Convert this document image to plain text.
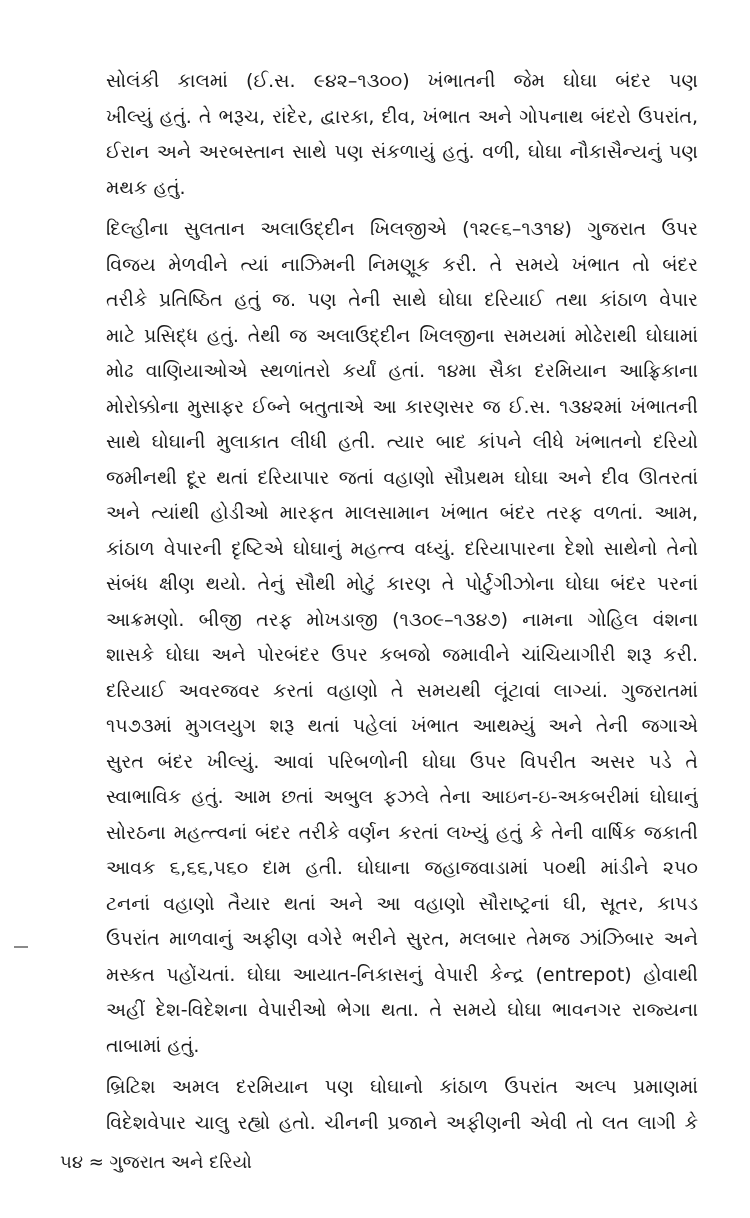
સોલંકી કાલમાં (ઈ.સ. ૯૪૨–૧૩૦૦) ખંભાતની જેમ ઘોઘા બંદર પણ
ખીલ્યું હતું. તે ભરૂચ, રાંદેર, દ્વારકા, દીવ, ખંભાત અને ગોપનાથ બંદરો ઉપરાંત,
ઈરાન અને અરબસ્તાન સાથે પણ સંકળાયું હતું. વળી, ઘોઘા નૌકાસૈન્યનું પણ
મથક હતું.

દિલ્હીના સુલતાન અલાઉદ્દીન ખિલજીએ (૧૨૯૬–૧૩૧૪) ગુજરાત ઉપર
વિજય મેળવીને ત્યાં નાઝિમની નિમણૂક કરી. તે સમયે ખંભાત તો બંદર
તરીકે પ્રતિષ્ઠિત હતું જ. પણ તેની સાથે ઘોઘા દરિયાઈ તથા કાંઠાળ વેપાર
માટે પ્રસિદ્ધ હતું. તેથી જ અલાઉદ્દીન ખિલજીના સમયમાં મોઢેરાથી ઘોઘામાં
મોઢ વાણિયાઓએ સ્થળાંતરો કર્યાં હતાં. ૧૪મા સૈકા દરમિયાન આફ્રિકાના
મોરોક્કોના મુસાફર ઈબ્ને બતુતાએ આ કારણસર જ ઈ.સ. ૧૩૪૨માં ખંભાતની
સાથે ઘોઘાની મુલાકાત લીધી હતી. ત્યાર બાદ કાંપને લીધે ખંભાતનો દરિયો
જમીનથી દૂર થતાં દરિયાપાર જતાં વહાણો સૌપ્રથમ ઘોઘા અને દીવ ઊતરતાં
અને ત્યાંથી હોડીઓ મારફત માલસામાન ખંભાત બંદર તરફ વળતાં. આમ,
કાંઠાળ વેપારની દૃષ્ટિએ ઘોઘાનું મહત્ત્વ વધ્યું. દરિયાપારના દેશો સાથેનો તેનો
સંબંધ ક્ષીણ થયો. તેનું સૌથી મોટું કારણ તે પોર્ટુગીઝોના ઘોઘા બંદર પરનાં
આક્રમણો. બીજી તરફ મોખડાજી (૧૩૦૯–૧૩૪૭) નામના ગોહિલ વંશના
શાસકે ઘોઘા અને પોરબંદર ઉપર કબજો જમાવીને ચાંચિયાગીરી શરૂ કરી.
દરિયાઈ અવરજવર કરતાં વહાણો તે સમયથી લૂંટાવાં લાગ્યાં. ગુજરાતમાં
૧૫૭૩માં મુગલયુગ શરૂ થતાં પહેલાં ખંભાત આથમ્યું અને તેની જગાએ
સુરત બંદર ખીલ્યું. આવાં પરિબળોની ઘોઘા ઉપર વિપરીત અસર પડે તે
સ્વાભાવિક હતું. આમ છતાં અબુલ ફઝલે તેના આઇન-ઇ-અકબરીમાં ઘોઘાનું
સોરઠના મહત્ત્વનાં બંદર તરીકે વર્ણન કરતાં લખ્યું હતું કે તેની વાર્ષિક જકાતી
આવક ૬,૬૬,૫૬૦ દામ હતી. ઘોઘાના જહાજવાડામાં ૫૦થી માંડીને ૨૫૦
ટનનાં વહાણો તૈયાર થતાં અને આ વહાણો સૌરાષ્ટ્રનાં ઘી, સૂતર, કાપડ
ઉપરાંત માળવાનું અફીણ વગેરે ભરીને સુરત, મલબાર તેમજ ઝાંઝિબાર અને
મસ્કત પહોંચતાં. ઘોઘા આયાત-નિકાસનું વેપારી કેન્દ્ર (entrepot) હોવાથી
અહીં દેશ-વિદેશના વેપારીઓ ભેગા થતા. તે સમયે ઘોઘા ભાવનગર રાજ્યના
તાબામાં હતું.

બ્રિટિશ અમલ દરમિયાન પણ ઘોઘાનો કાંઠાળ ઉપરાંત અલ્પ પ્રમાણમાં
વિદેશવેપાર ચાલુ રહ્યો હતો. ચીનની પ્રજાને અફીણની એવી તો લત લાગી કે

૫૪ ≈ ગુજરાત અને દરિયો
